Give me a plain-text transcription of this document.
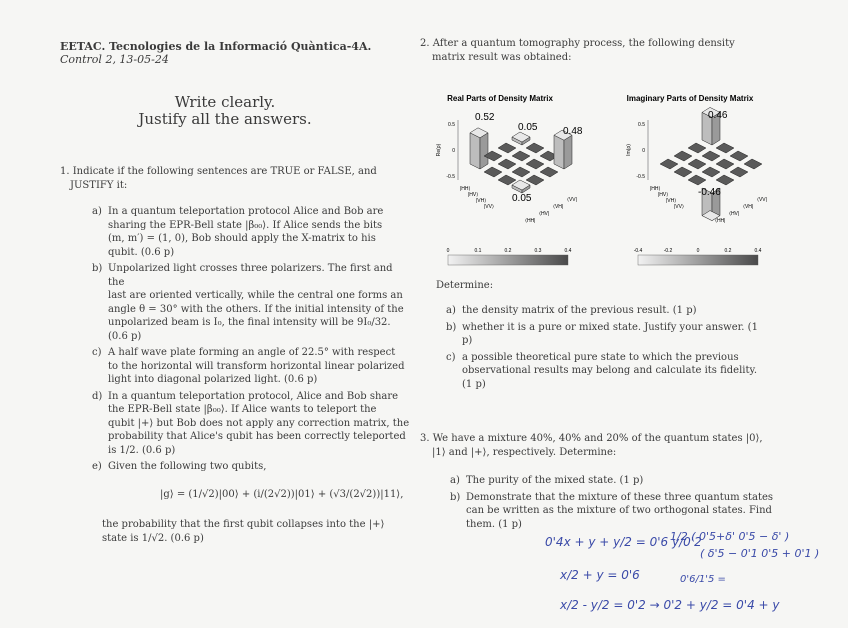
EETAC. Tecnologies de la Informació Quàntica-4A.
Control 2, 13-05-24
Write clearly.
Justify all the answers.
1. Indicate if the following sentences are TRUE or FALSE, and
JUSTIFY it:
a) In a quantum teleportation protocol Alice and Bob are
sharing the EPR-Bell state |β₀₀⟩. If Alice sends the bits
(m, m′) = (1, 0), Bob should apply the X-matrix to his
qubit. (0.6 p)
b) Unpolarized light crosses three polarizers. The first and the
last are oriented vertically, while the central one forms an
angle θ = 30° with the others. If the initial intensity of the
unpolarized beam is I₀, the final intensity will be 9I₀/32.
(0.6 p)
c) A half wave plate forming an angle of 22.5° with respect
to the horizontal will transform horizontal linear polarized
light into diagonal polarized light. (0.6 p)
d) In a quantum teleportation protocol, Alice and Bob share
the EPR-Bell state |β₀₀⟩. If Alice wants to teleport the
qubit |+⟩ but Bob does not apply any correction matrix, the
probability that Alice's qubit has been correctly teleported
is 1/2. (0.6 p)
e) Given the following two qubits,
|g⟩ = (1/√2)|00⟩ + (i/(2√2))|01⟩ + (√3/(2√2))|11⟩,
the probability that the first qubit collapses into the |+⟩
state is 1/√2. (0.6 p)
2. After a quantum tomography process, the following density
matrix result was obtained:
Real Parts of Density Matrix
0.5
0
-0.5
Re(ρ)
|HH⟩
|HV⟩
|VH⟩
|VV⟩
⟨HH|
⟨HV|
⟨VH|
⟨VV|
0	0.1	0.2	0.3	0.4
0.52
0.05	0.48
0.05
Imaginary Parts of Density Matrix
0.5
0
-0.5
Im(ρ)
|HH⟩
|HV⟩
|VH⟩
|VV⟩
⟨HH|
⟨HV|
⟨VH|
⟨VV|
-0.4	-0.2	0	0.2	0.4
0.46
-0.46
Determine:
a) the density matrix of the previous result. (1 p)
b) whether it is a pure or mixed state. Justify your answer. (1
p)
c) a possible theoretical pure state to which the previous
observational results may belong and calculate its fidelity.
(1 p)
3. We have a mixture 40%, 40% and 20% of the quantum states |0⟩,
|1⟩ and |+⟩, respectively. Determine:
a) The purity of the mixed state. (1 p)
b) Demonstrate that the mixture of these three quantum states
can be written as the mixture of two orthogonal states. Find
them. (1 p)
0'4x + y + y/2 = 0'6 y/0'2
x/2 + y = 0'6
x/2 - y/2 = 0'2 → 0'2 + y/2 = 0'4 + y
1/2 ( 0'5+δ' 0'5 − δ' )
( δ'5 − 0'1 0'5 + 0'1 )
0'6/1'5 =
